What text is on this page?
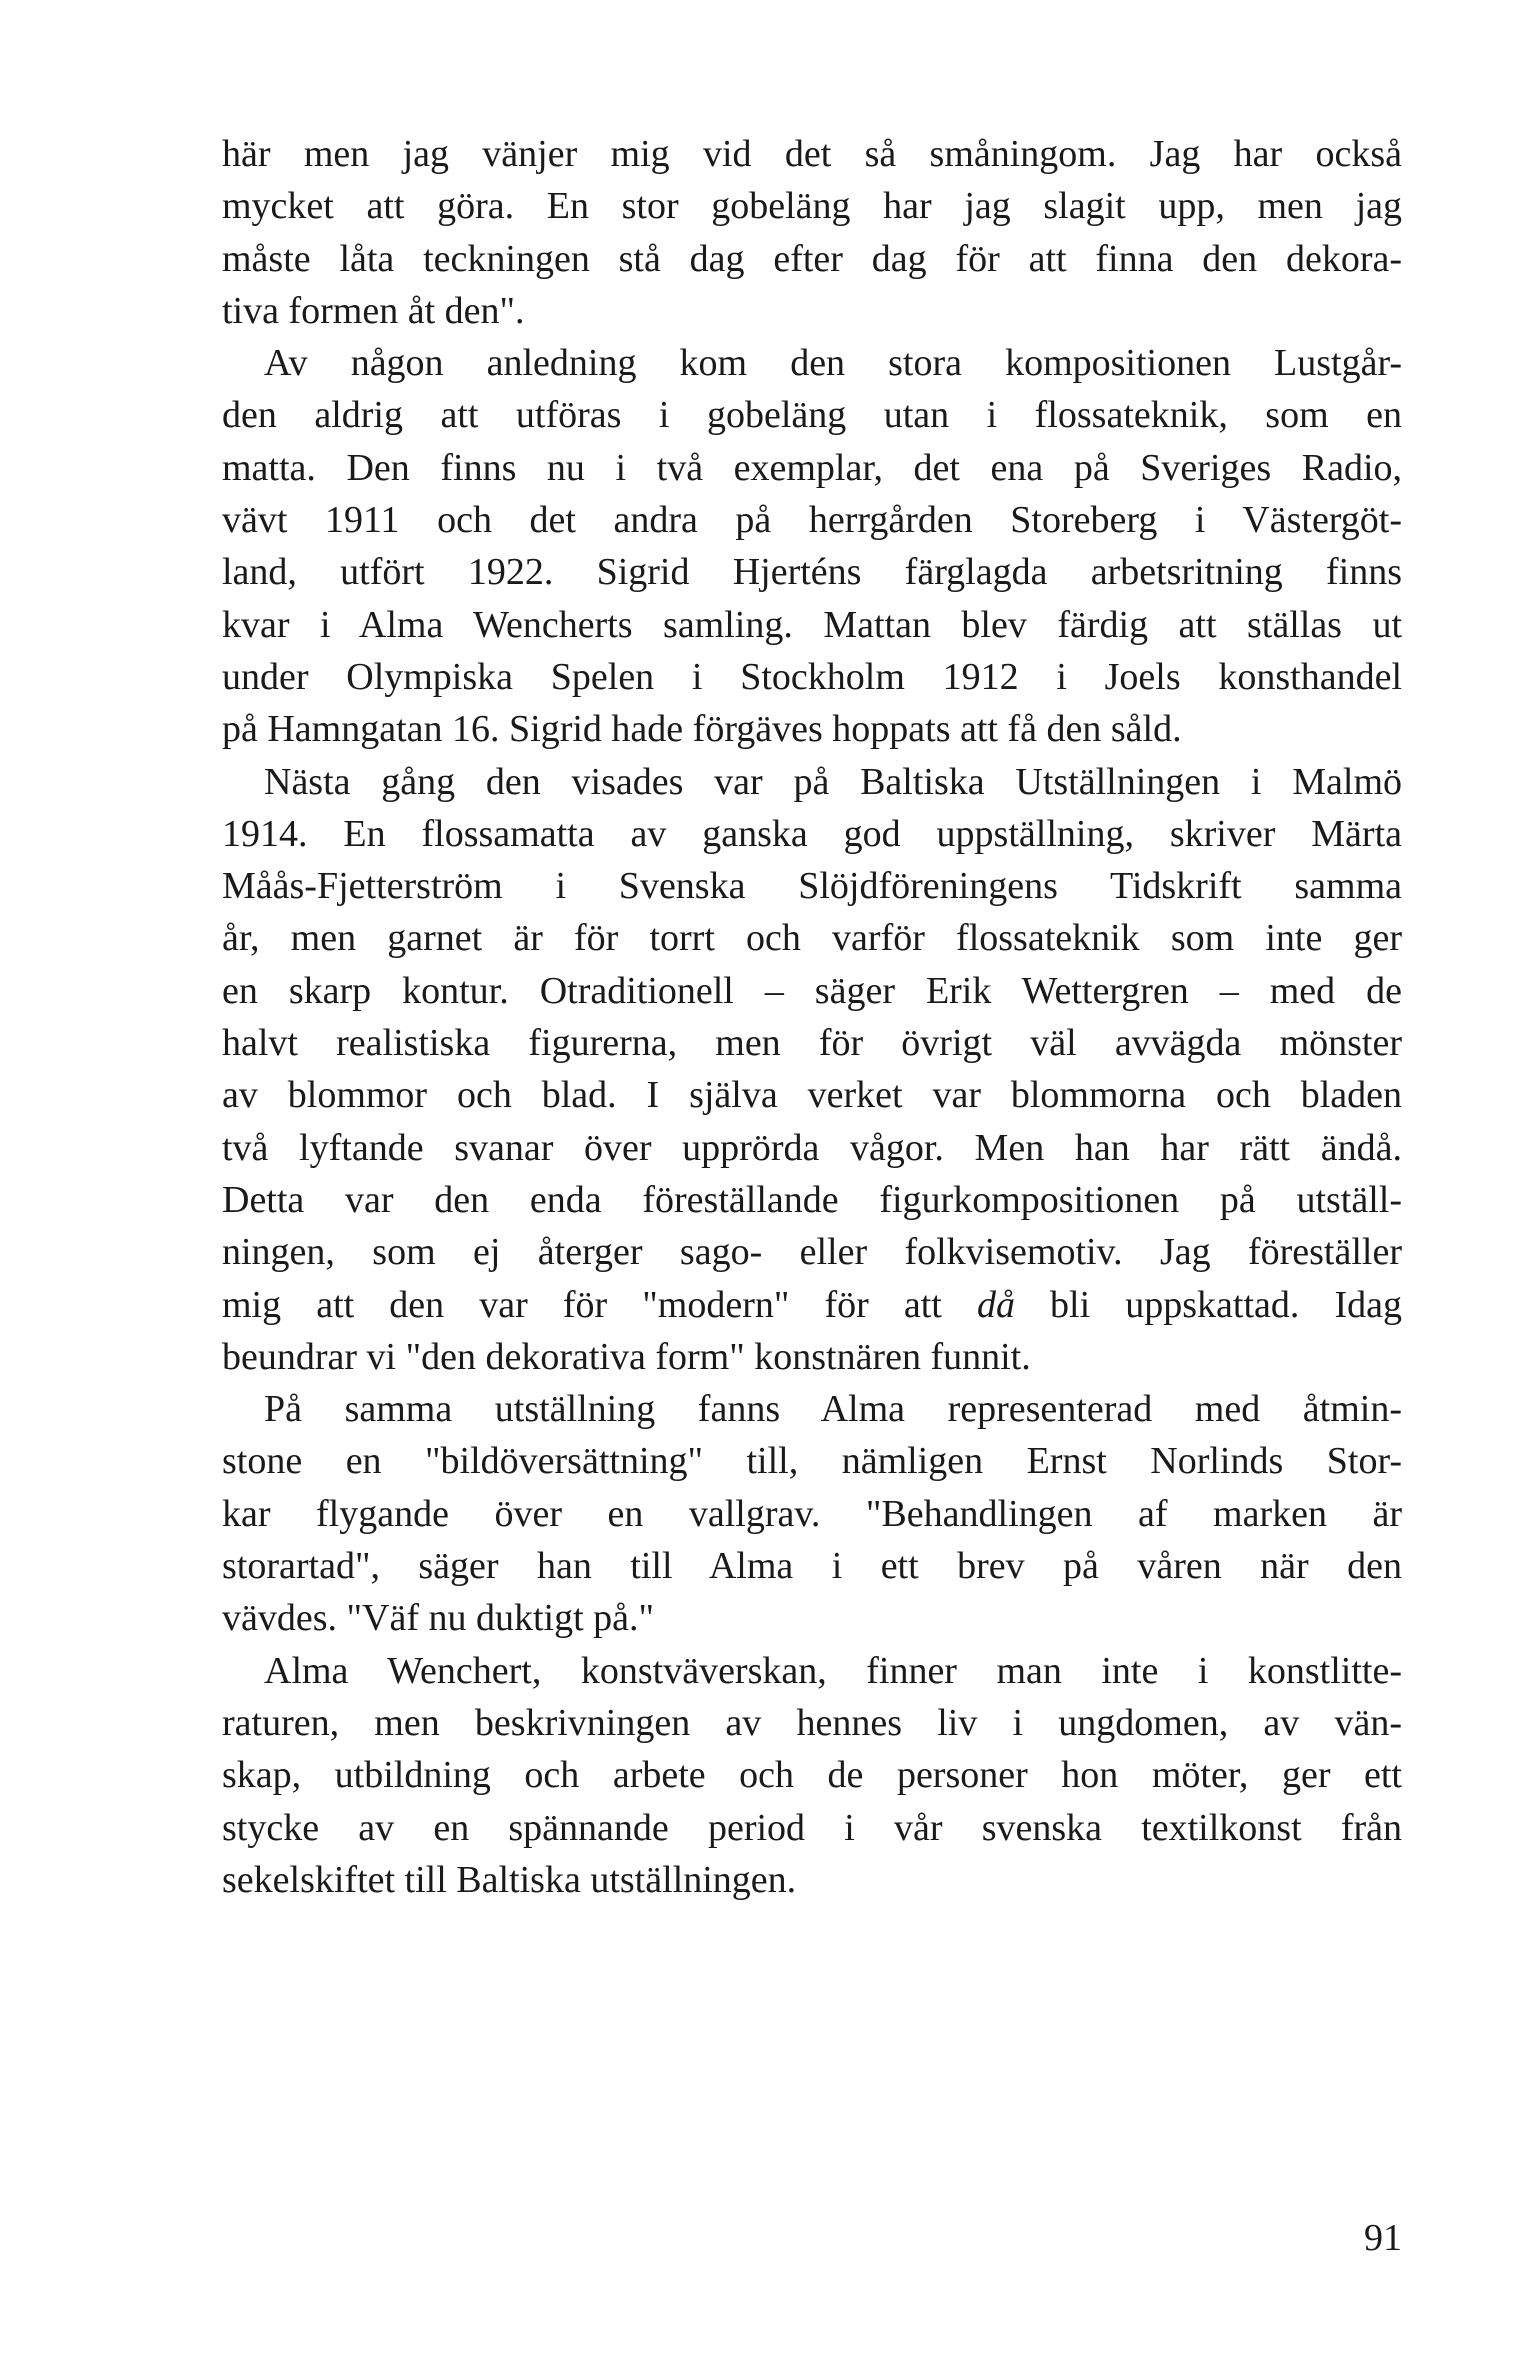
här men jag vänjer mig vid det så småningom. Jag har också
mycket att göra. En stor gobeläng har jag slagit upp, men jag
måste låta teckningen stå dag efter dag för att finna den dekora-
tiva formen åt den".
Av någon anledning kom den stora kompositionen Lustgår-
den aldrig att utföras i gobeläng utan i flossateknik, som en
matta. Den finns nu i två exemplar, det ena på Sveriges Radio,
vävt 1911 och det andra på herrgården Storeberg i Västergöt-
land, utfört 1922. Sigrid Hjerténs färglagda arbetsritning finns
kvar i Alma Wencherts samling. Mattan blev färdig att ställas ut
under Olympiska Spelen i Stockholm 1912 i Joels konsthandel
på Hamngatan 16. Sigrid hade förgäves hoppats att få den såld.
Nästa gång den visades var på Baltiska Utställningen i Malmö
1914. En flossamatta av ganska god uppställning, skriver Märta
Måås-Fjetterström i Svenska Slöjdföreningens Tidskrift samma
år, men garnet är för torrt och varför flossateknik som inte ger
en skarp kontur. Otraditionell – säger Erik Wettergren – med de
halvt realistiska figurerna, men för övrigt väl avvägda mönster
av blommor och blad. I själva verket var blommorna och bladen
två lyftande svanar över upprörda vågor. Men han har rätt ändå.
Detta var den enda föreställande figurkompositionen på utställ-
ningen, som ej återger sago- eller folkvisemotiv. Jag föreställer
mig att den var för "modern" för att då bli uppskattad. Idag
beundrar vi "den dekorativa form" konstnären funnit.
På samma utställning fanns Alma representerad med åtmin-
stone en "bildöversättning" till, nämligen Ernst Norlinds Stor-
kar flygande över en vallgrav. "Behandlingen af marken är
storartad", säger han till Alma i ett brev på våren när den
vävdes. "Väf nu duktigt på."
Alma Wenchert, konstväverskan, finner man inte i konstlitte-
raturen, men beskrivningen av hennes liv i ungdomen, av vän-
skap, utbildning och arbete och de personer hon möter, ger ett
stycke av en spännande period i vår svenska textilkonst från
sekelskiftet till Baltiska utställningen.
91
